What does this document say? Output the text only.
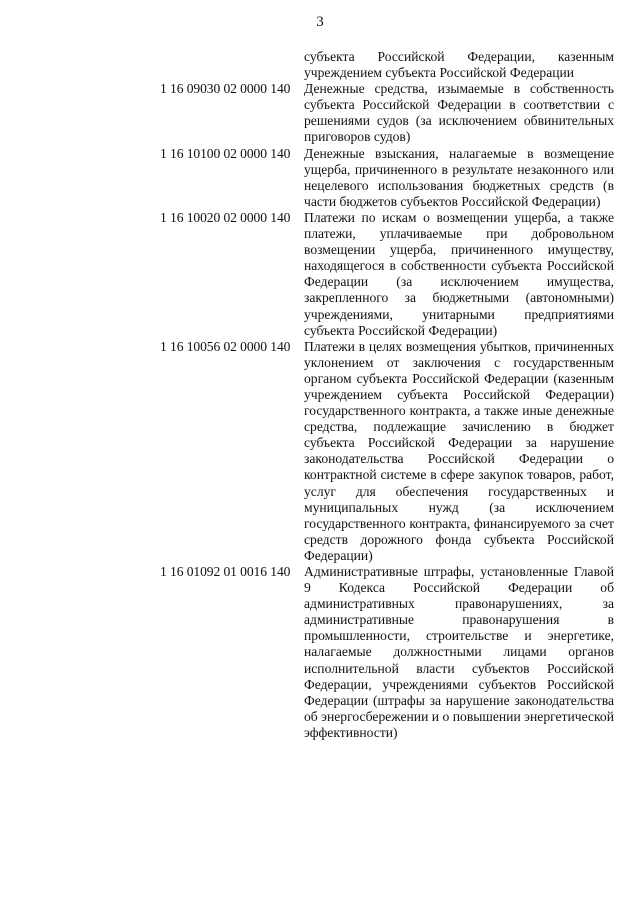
3
субъекта Российской Федерации, казенным учреждением субъекта Российской Федерации
1 16 09030 02 0000 140	Денежные средства, изымаемые в собственность субъекта Российской Федерации в соответствии с решениями судов (за исключением обвинительных приговоров судов)
1 16 10100 02 0000 140	Денежные взыскания, налагаемые в возмещение ущерба, причиненного в результате незаконного или нецелевого использования бюджетных средств (в части бюджетов субъектов Российской Федерации)
1 16 10020 02 0000 140	Платежи по искам о возмещении ущерба, а также платежи, уплачиваемые при добровольном возмещении ущерба, причиненного имуществу, находящегося в собственности субъекта Российской Федерации (за исключением имущества, закрепленного за бюджетными (автономными) учреждениями, унитарными предприятиями субъекта Российской Федерации)
1 16 10056 02 0000 140	Платежи в целях возмещения убытков, причиненных уклонением от заключения с государственным органом субъекта Российской Федерации (казенным учреждением субъекта Российской Федерации) государственного контракта, а также иные денежные средства, подлежащие зачислению в бюджет субъекта Российской Федерации за нарушение законодательства Российской Федерации о контрактной системе в сфере закупок товаров, работ, услуг для обеспечения государственных и муниципальных нужд (за исключением государственного контракта, финансируемого за счет средств дорожного фонда субъекта Российской Федерации)
1 16 01092 01 0016 140	Административные штрафы, установленные Главой 9 Кодекса Российской Федерации об административных правонарушениях, за административные правонарушения в промышленности, строительстве и энергетике, налагаемые должностными лицами органов исполнительной власти субъектов Российской Федерации, учреждениями субъектов Российской Федерации (штрафы за нарушение законодательства об энергосбережении и о повышении энергетической эффективности)
